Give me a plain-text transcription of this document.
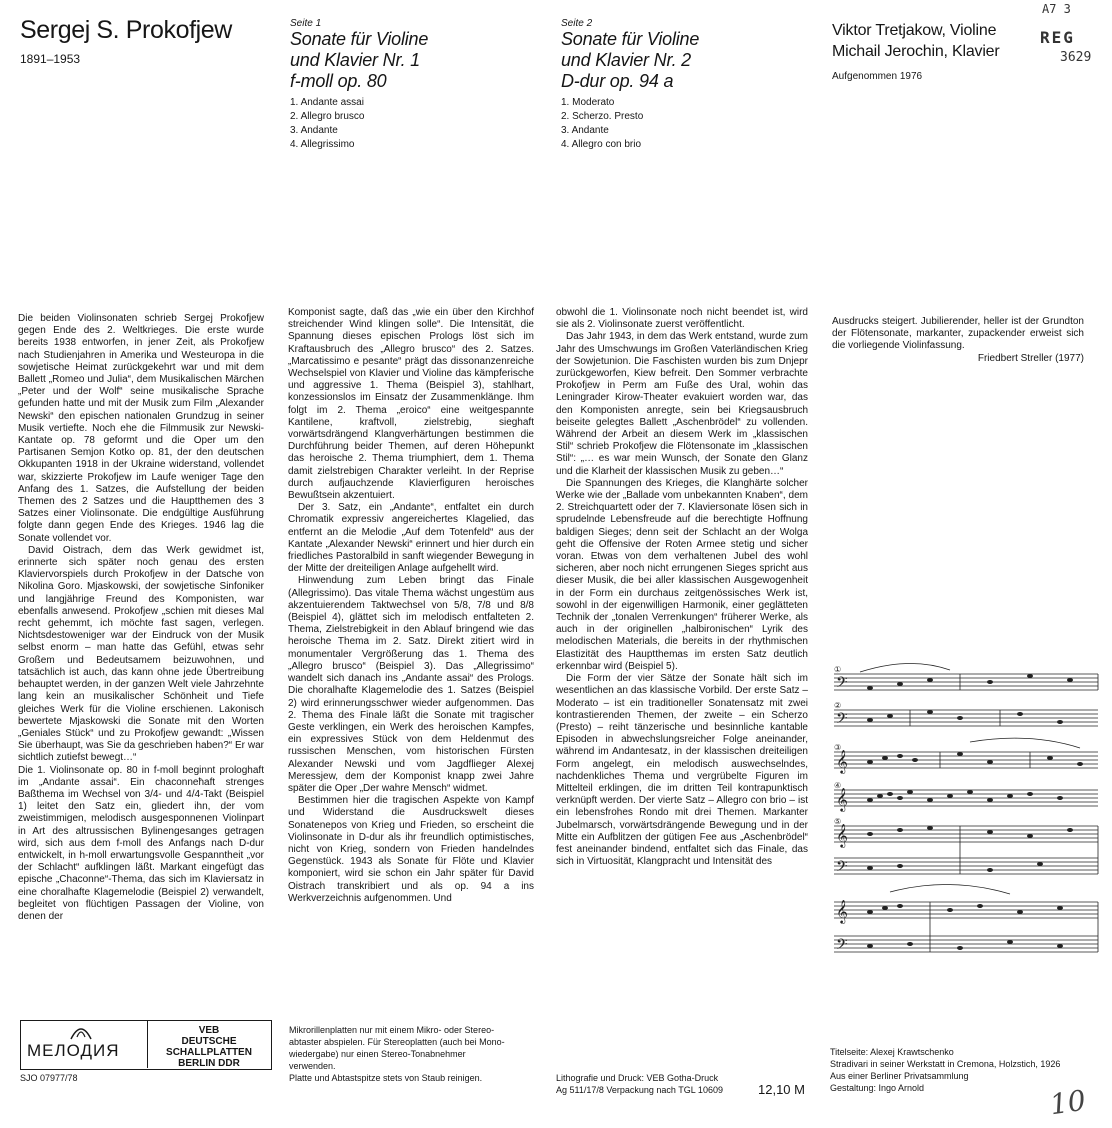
Sergej S. Prokofjew
1891–1953
Seite 1
Sonate für Violine
und Klavier Nr. 1
f-moll op. 80
1. Andante assai
2. Allegro brusco
3. Andante
4. Allegrissimo
Seite 2
Sonate für Violine
und Klavier Nr. 2
D-dur op. 94 a
1. Moderato
2. Scherzo. Presto
3. Andante
4. Allegro con brio
Viktor Tretjakow, Violine
Michail Jerochin, Klavier
Aufgenommen 1976
A7 3
REG
3629

Die beiden Violinsonaten schrieb Sergej Prokofjew gegen Ende des 2. Weltkrieges. Die erste wurde bereits 1938 entworfen, in jener Zeit, als Prokofjew nach Studienjahren in Amerika und Westeuropa in die sowjetische Heimat zurückgekehrt war und mit dem Ballett „Romeo und Julia“, dem Musikalischen Märchen „Peter und der Wolf“ seine musikalische Sprache gefunden hatte und mit der Musik zum Film „Alexander Newski“ den epischen nationalen Grundzug in seiner Musik vertiefte. Noch ehe die Filmmusik zur Newski-Kantate op. 78 geformt und die Oper um den Partisanen Semjon Kotko op. 81, der den deutschen Okkupanten 1918 in der Ukraine widerstand, vollendet war, skizzierte Prokofjew im Laufe weniger Tage den Anfang des 1. Satzes, die Aufstellung der beiden Themen des 2 Satzes und die Hauptthemen des 3 Satzes einer Violinsonate. Die endgültige Ausführung folgte dann gegen Ende des Krieges. 1946 lag die Sonate vollendet vor.

David Oistrach, dem das Werk gewidmet ist, erinnerte sich später noch genau des ersten Klaviervorspiels durch Prokofjew in der Datsche von Nikolina Goro. Mjaskowski, der sowjetische Sinfoniker und langjährige Freund des Komponisten, war ebenfalls anwesend. Prokofjew „schien mit dieses Mal recht gehemmt, ich möchte fast sagen, verlegen. Nichtsdestoweniger war der Eindruck von der Musik selbst enorm – man hatte das Gefühl, etwas sehr Großem und Bedeutsamem beizuwohnen, und tatsächlich ist auch, das kann ohne jede Übertreibung behauptet werden, in der ganzen Welt viele Jahrzehnte lang kein an musikalischer Schönheit und Tiefe gleiches Werk für die Violine erschienen. Lakonisch bewertete Mjaskowski die Sonate mit den Worten „Geniales Stück“ und zu Prokofjew gewandt: „Wissen Sie überhaupt, was Sie da geschrieben haben?“ Er war sichtlich zutiefst bewegt…“

Die 1. Violinsonate op. 80 in f-moll beginnt prologhaft im „Andante assai“. Ein chaconneħaft strenges Baßthema im Wechsel von 3/4- und 4/4-Takt (Beispiel 1) leitet den Satz ein, gliedert ihn, der vom zweistimmigen, melodisch ausgesponnenen Violinpart in Art des altrussischen Bylinengesanges getragen wird, sich aus dem f-moll des Anfangs nach D-dur entwickelt, in h-moll erwartungsvolle Gespanntheit „vor der Schlacht“ aufklingen läßt. Markant eingefügt das epische „Chaconne“-Thema, das sich im Klaviersatz in eine choralhafte Klagemelodie (Beispiel 2) verwandelt, begleitet von flüchtigen Passagen der Violine, von denen der

Komponist sagte, daß das „wie ein über den Kirchhof streichender Wind klingen solle“. Die Intensität, die Spannung dieses epischen Prologs löst sich im Kraftausbruch des „Allegro brusco“ des 2. Satzes. „Marcatissimo e pesante“ prägt das dissonanzenreiche Wechselspiel von Klavier und Violine das kämpferische und aggressive 1. Thema (Beispiel 3), stahlhart, konzessionslos im Einsatz der Zusammenklänge. Ihm folgt im 2. Thema „eroico“ eine weitgespannte Kantilene, kraftvoll, zielstrebig, sieghaft vorwärtsdrängend Klangverhärtungen bestimmen die Durchführung beider Themen, auf deren Höhepunkt das heroische 2. Thema triumphiert, dem 1. Thema damit zielstrebigen Charakter verleiht. In der Reprise durch aufjauchzende Klavierfiguren heroisches Bewußtsein akzentuiert.

Der 3. Satz, ein „Andante“, entfaltet ein durch Chromatik expressiv angereichertes Klagelied, das entfernt an die Melodie „Auf dem Totenfeld“ aus der Kantate „Alexander Newski“ erinnert und hier durch ein friedliches Pastoralbild in sanft wiegender Bewegung in der Mitte der dreiteiligen Anlage aufgehellt wird.

Hinwendung zum Leben bringt das Finale (Allegrissimo). Das vitale Thema wächst ungestüm aus akzentuierendem Taktwechsel von 5/8, 7/8 und 8/8 (Beispiel 4), glättet sich im melodisch entfalteten 2. Thema, Zielstrebigkeit in den Ablauf bringend wie das heroische Thema im 2. Satz. Direkt zitiert wird in monumentaler Vergrößerung das 1. Thema des „Allegro brusco“ (Beispiel 3). Das „Allegrissimo“ wandelt sich danach ins „Andante assai“ des Prologs. Die choralhafte Klagemelodie des 1. Satzes (Beispiel 2) wird erinnerungsschwer wieder aufgenommen. Das 2. Thema des Finale läßt die Sonate mit tragischer Geste verklingen, ein Werk des heroischen Kampfes, ein expressives Stück von dem Heldenmut des russischen Menschen, vom historischen Fürsten Alexander Newski und vom Jagdflieger Alexej Meressjew, dem der Komponist knapp zwei Jahre später die Oper „Der wahre Mensch“ widmet.

Bestimmen hier die tragischen Aspekte von Kampf und Widerstand die Ausdruckswelt dieses Sonatenepos von Krieg und Frieden, so erscheint die Violinsonate in D-dur als ihr freundlich optimistisches, nicht von Krieg, sondern von Frieden handelndes Gegenstück. 1943 als Sonate für Flöte und Klavier komponiert, wird sie schon ein Jahr später für David Oistrach transkribiert und als op. 94 a ins Werkverzeichnis aufgenommen. Und

obwohl die 1. Violinsonate noch nicht beendet ist, wird sie als 2. Violinsonate zuerst veröffentlicht.

Das Jahr 1943, in dem das Werk entstand, wurde zum Jahr des Umschwungs im Großen Vaterländischen Krieg der Sowjetunion. Die Faschisten wurden bis zum Dnjepr zurückgeworfen, Kiew befreit. Den Sommer verbrachte Prokofjew in Perm am Fuße des Ural, wohin das Leningrader Kirow-Theater evakuiert worden war, das den Komponisten anregte, sein bei Kriegsausbruch beiseite gelegtes Ballett „Aschenbrödel“ zu vollenden. Während der Arbeit an diesem Werk im „klassischen Stil“ schrieb Prokofjew die Flötensonate im „klassischen Stil“: „… es war mein Wunsch, der Sonate den Glanz und die Klarheit der klassischen Musik zu geben…“

Die Spannungen des Krieges, die Klanghärte solcher Werke wie der „Ballade vom unbekannten Knaben“, dem 2. Streichquartett oder der 7. Klaviersonate lösen sich in sprudelnde Lebensfreude auf die berechtigte Hoffnung baldigen Sieges; denn seit der Schlacht an der Wolga geht die Offensive der Roten Armee stetig und sicher voran. Etwas von dem verhaltenen Jubel des wohl sicheren, aber noch nicht errungenen Sieges spricht aus dieser Musik, die bei aller klassischen Ausgewogenheit in der Form ein durchaus zeitgenössisches Werk ist, sowohl in der eigenwilligen Harmonik, einer geglätteten Technik der „tonalen Verrenkungen“ früherer Werke, als auch in der originellen „halbironischen“ Lyrik des melodischen Materials, die bereits in der rhythmischen Elastizität des Hauptthemas im ersten Satz deutlich erkennbar wird (Beispiel 5).

Die Form der vier Sätze der Sonate hält sich im wesentlichen an das klassische Vorbild. Der erste Satz – Moderato – ist ein traditioneller Sonatensatz mit zwei kontrastierenden Themen, der zweite – ein Scherzo (Presto) – reiht tänzerische und besinnliche kantable Episoden in abwechslungsreicher Folge aneinander, während im Andantesatz, in der klassischen dreiteiligen Form angelegt, ein melodisch auswechselndes, nachdenkliches Thema und vergrübelte Figuren im Mittelteil erklingen, die im dritten Teil kontrapunktisch verknüpft werden. Der vierte Satz – Allegro con brio – ist ein lebensfrohes Rondo mit drei Themen. Markanter Jubelmarsch, vorwärtsdrängende Bewegung und in der Mitte ein Aufblitzen der gütigen Fee aus „Aschenbrödel“ fest aneinander bindend, entfaltet sich das Finale, das sich in Virtuosität, Klangpracht und Intensität des

Ausdrucks steigert. Jubilierender, heller ist der Grundton der Flötensonate, markanter, zupackender erweist sich die vorliegende Violinfassung.

Friedbert Streller (1977)
①
②
③
④
⑤
𝄢
𝄢
𝄞
𝄞
𝄞
𝄢
𝄞
𝄢
МЕЛОДИЯ
VEB
DEUTSCHE
SCHALLPLATTEN
BERLIN DDR
SJO 07977/78
Mikrorillenplatten nur mit einem Mikro- oder Stereo-
abtaster abspielen. Für Stereoplatten (auch bei Mono-
wiedergabe) nur einen Stereo-Tonabnehmer
verwenden.
Platte und Abtastspitze stets von Staub reinigen.	Lithografie und Druck: VEB Gotha-Druck
Ag 511/17/8 Verpackung nach TGL 10609	12,10 M
Titelseite: Alexej Krawtschenko
Stradivari in seiner Werkstatt in Cremona, Holzstich, 1926
Aus einer Berliner Privatsammlung
Gestaltung: Ingo Arnold	10
